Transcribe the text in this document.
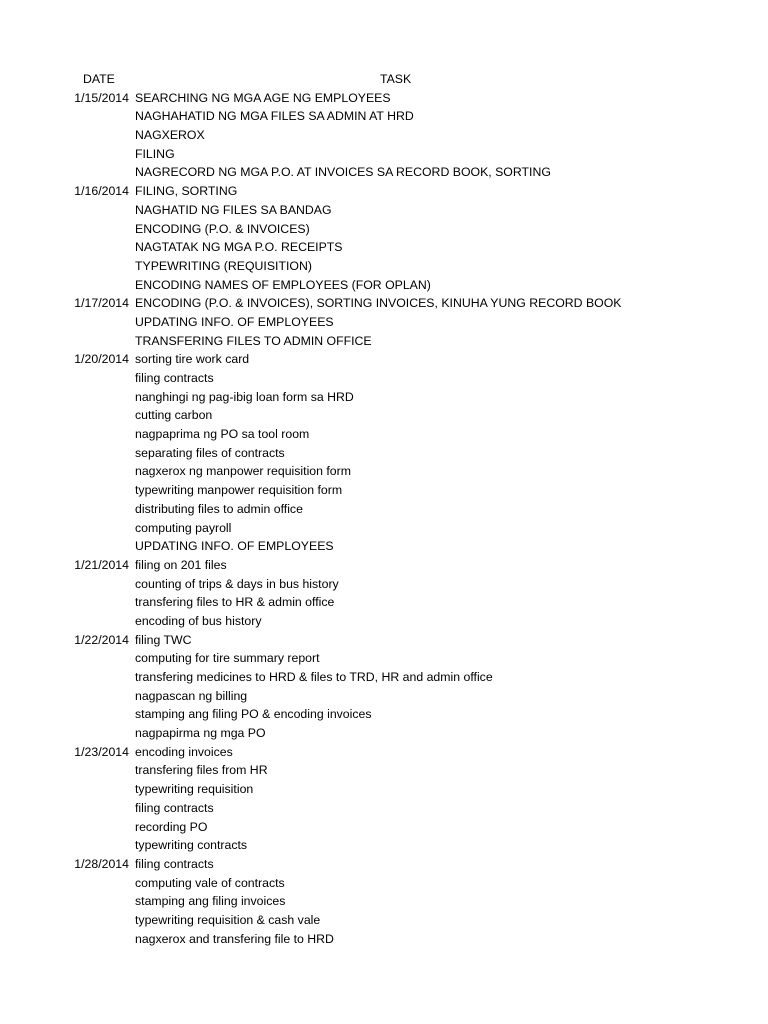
DATE	TASK
1/15/2014 SEARCHING NG MGA AGE NG EMPLOYEES
NAGHAHATID NG MGA FILES SA ADMIN AT HRD
NAGXEROX
FILING
NAGRECORD NG MGA P.O. AT INVOICES SA RECORD BOOK, SORTING
1/16/2014 FILING, SORTING
NAGHATID NG FILES SA BANDAG
ENCODING (P.O. & INVOICES)
NAGTATAK NG MGA P.O. RECEIPTS
TYPEWRITING (REQUISITION)
ENCODING NAMES OF EMPLOYEES (FOR OPLAN)
1/17/2014 ENCODING (P.O. & INVOICES), SORTING INVOICES, KINUHA YUNG RECORD BOOK
UPDATING INFO. OF EMPLOYEES
TRANSFERING FILES TO ADMIN OFFICE
1/20/2014 sorting tire work card
filing contracts
nanghingi ng pag-ibig loan form sa HRD
cutting carbon
nagpaprima ng PO sa tool room
separating files of contracts
nagxerox ng manpower requisition form
typewriting manpower requisition form
distributing files to admin office
computing payroll
UPDATING INFO. OF EMPLOYEES
1/21/2014 filing on 201 files
counting of trips & days in bus history
transfering files to HR & admin office
encoding of bus history
1/22/2014 filing TWC
computing for tire summary report
transfering medicines to HRD & files to TRD, HR and admin office
nagpascan ng billing
stamping ang filing PO & encoding invoices
nagpapirma ng mga PO
1/23/2014 encoding invoices
transfering files from HR
typewriting requisition
filing contracts
recording PO
typewriting contracts
1/28/2014 filing contracts
computing vale of contracts
stamping ang filing invoices
typewriting requisition & cash vale
nagxerox and transfering file to HRD
